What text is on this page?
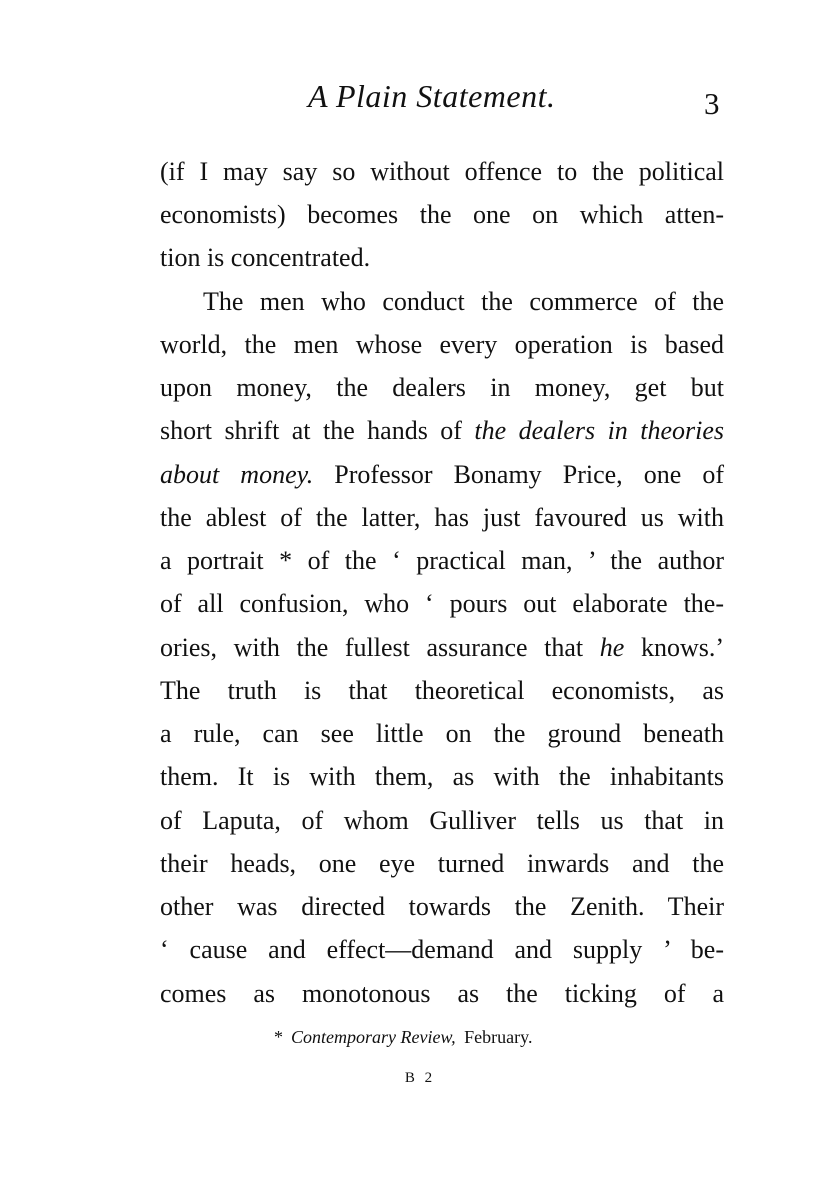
A Plain Statement.	3
(if I may say so without offence to the political
economists) becomes the one on which atten-
tion is concentrated.
The men who conduct the commerce of the
world, the men whose every operation is based
upon money, the dealers in money, get but
short shrift at the hands of the dealers in theories
about money. Professor Bonamy Price, one of
the ablest of the latter, has just favoured us with
a portrait * of the ‘ practical man, ’ the author
of all confusion, who ‘ pours out elaborate the-
ories, with the fullest assurance that he knows.’
The truth is that theoretical economists, as
a rule, can see little on the ground beneath
them. It is with them, as with the inhabitants
of Laputa, of whom Gulliver tells us that in
their heads, one eye turned inwards and the
other was directed towards the Zenith. Their
‘ cause and effect—demand and supply ’ be-
comes as monotonous as the ticking of a
* Contemporary Review, February.
B 2
